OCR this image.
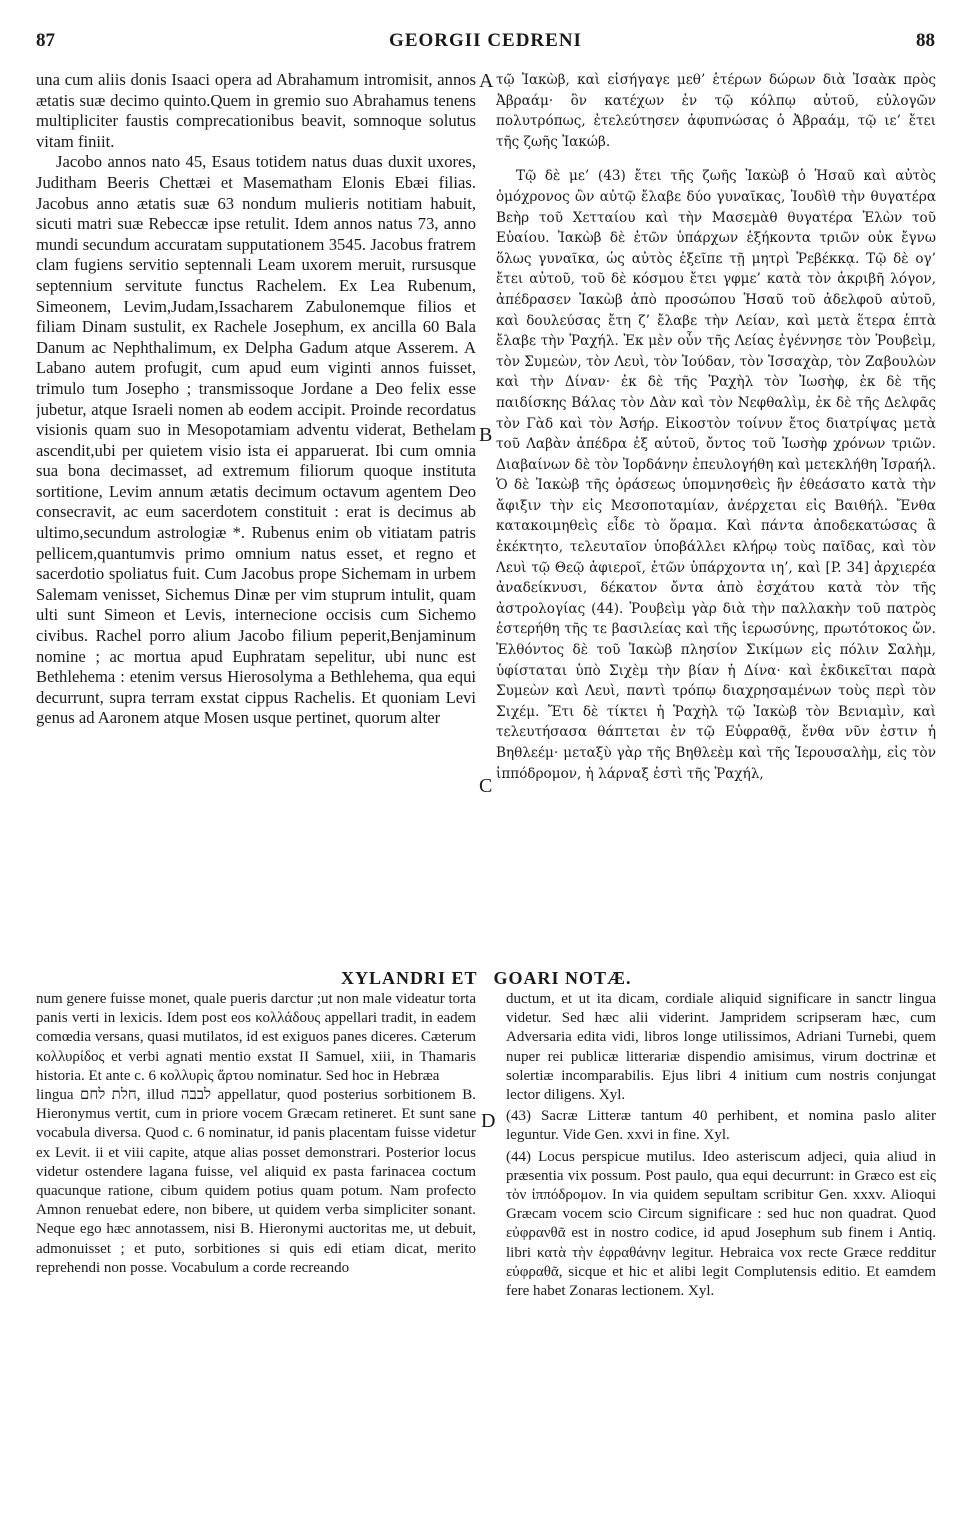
87	GEORGII CEDRENI	88
A
B
C
D

una cum aliis donis Isaaci opera ad Abrahamum intromisit, annos ætatis suæ decimo quinto.Quem in gremio suo Abrahamus tenens multipliciter faustis comprecationibus beavit, somnoque solutus vitam finiit.

Jacobo annos nato 45, Esaus totidem natus duas duxit uxores, Juditham Beeris Chettæi et Masematham Elonis Ebæi filias. Jacobus anno ætatis suæ 63 nondum mulieris notitiam habuit, sicuti matri suæ Rebeccæ ipse retulit. Idem annos natus 73, anno mundi secundum accuratam supputationem 3545. Jacobus fratrem clam fugiens servitio septennali Leam uxorem meruit, rursusque septennium servitute functus Rachelem. Ex Lea Rubenum, Simeonem, Levim,Judam,Issacharem Zabulonemque filios et filiam Dinam sustulit, ex Rachele Josephum, ex ancilla 60 Bala Danum ac Nephthalimum, ex Delpha Gadum atque Asserem. A Labano autem profugit, cum apud eum viginti annos fuisset, trimulo tum Josepho ; transmissoque Jordane a Deo felix esse jubetur, atque Israeli nomen ab eodem accipit. Proinde recordatus visionis quam suo in Mesopotamiam adventu viderat, Bethelam ascendit,ubi per quietem visio ista ei apparuerat. Ibi cum omnia sua bona decimasset, ad extremum filiorum quoque instituta sortitione, Levim annum ætatis decimum octavum agentem Deo consecravit, ac eum sacerdotem constituit : erat is decimus ab ultimo,secundum astrologiæ *. Rubenus enim ob vitiatam patris pellicem,quantumvis primo omnium natus esset, et regno et sacerdotio spoliatus fuit. Cum Jacobus prope Sichemam in urbem Salemam venisset, Sichemus Dinæ per vim stuprum intulit, quam ulti sunt Simeon et Levis, internecione occisis cum Sichemo civibus. Rachel porro alium Jacobo filium peperit,Benjaminum nomine ; ac mortua apud Euphratam sepelitur, ubi nunc est Bethlehema : etenim versus Hierosolyma a Bethlehema, qua equi decurrunt, supra terram exstat cippus Rachelis. Et quoniam Levi genus ad Aaronem atque Mosen usque pertinet, quorum alter

τῷ Ἰακὼβ, καὶ εἰσήγαγε μεθ’ ἑτέρων δώρων διὰ Ἰσαὰκ πρὸς Ἀβραάμ· ὃν κατέχων ἐν τῷ κόλπῳ αὐτοῦ, εὐλογῶν πολυτρόπως, ἐτελεύτησεν ἀφυπνώσας ὁ Ἀβραάμ, τῷ ιε’ ἔτει τῆς ζωῆς Ἰακώβ.

Τῷ δὲ με’ (43) ἔτει τῆς ζωῆς Ἰακὼβ ὁ Ἡσαῦ καὶ αὐτὸς ὁμόχρονος ὢν αὐτῷ ἔλαβε δύο γυναῖκας, Ἰουδὶθ τὴν θυγατέρα Βεὴρ τοῦ Χετταίου καὶ τὴν Μασεμὰθ θυγατέρα Ἐλὼν τοῦ Εὐαίου. Ἰακὼβ δὲ ἐτῶν ὑπάρχων ἑξήκοντα τριῶν οὐκ ἔγνω ὅλως γυναῖκα, ὡς αὐτὸς ἐξεῖπε τῇ μητρὶ Ῥεβέκκᾳ. Τῷ δὲ ογ’ ἔτει αὐτοῦ, τοῦ δὲ κόσμου ἔτει γφμε’ κατὰ τὸν ἀκριβῆ λόγον, ἀπέδρασεν Ἰακὼβ ἀπὸ προσώπου Ἡσαῦ τοῦ ἀδελφοῦ αὐτοῦ, καὶ δουλεύσας ἔτη ζ’ ἔλαβε τὴν Λείαν, καὶ μετὰ ἕτερα ἑπτὰ ἔλαβε τὴν Ῥαχήλ. Ἐκ μὲν οὖν τῆς Λείας ἐγέννησε τὸν Ῥουβεὶμ, τὸν Συμεὼν, τὸν Λευὶ, τὸν Ἰούδαν, τὸν Ἰσσαχὰρ, τὸν Ζαβουλὼν καὶ τὴν Δίναν· ἐκ δὲ τῆς Ῥαχὴλ τὸν Ἰωσὴφ, ἐκ δὲ τῆς παιδίσκης Βάλας τὸν Δὰν καὶ τὸν Νεφθαλὶμ, ἐκ δὲ τῆς Δελφᾶς τὸν Γὰδ καὶ τὸν Ἀσήρ. Εἰκοστὸν τοίνυν ἔτος διατρίψας μετὰ τοῦ Λαβὰν ἀπέδρα ἐξ αὐτοῦ, ὄντος τοῦ Ἰωσὴφ χρόνων τριῶν. Διαβαίνων δὲ τὸν Ἰορδάνην ἐπευλογήθη καὶ μετεκλήθη Ἰσραήλ. Ὁ δὲ Ἰακὼβ τῆς ὁράσεως ὑπομνησθεὶς ἣν ἐθεάσατο κατὰ τὴν ἄφιξιν τὴν εἰς Μεσοποταμίαν, ἀνέρχεται εἰς Βαιθήλ. Ἔνθα κατακοιμηθεὶς εἶδε τὸ ὅραμα. Καὶ πάντα ἀποδεκατώσας ἃ ἐκέκτητο, τελευταῖον ὑποβάλλει κλήρῳ τοὺς παῖδας, καὶ τὸν Λευὶ τῷ Θεῷ ἀφιεροῖ, ἐτῶν ὑπάρχοντα ιη’, καὶ [P. 34] ἀρχιερέα ἀναδείκνυσι, δέκατον ὄντα ἀπὸ ἐσχάτου κατὰ τὸν τῆς ἀστρολογίας (44). Ῥουβεὶμ γὰρ διὰ τὴν παλλακὴν τοῦ πατρὸς ἐστερήθη τῆς τε βασιλείας καὶ τῆς ἱερωσύνης, πρωτότοκος ὤν. Ἐλθόντος δὲ τοῦ Ἰακὼβ πλησίον Σικίμων εἰς πόλιν Σαλὴμ, ὑφίσταται ὑπὸ Σιχὲμ τὴν βίαν ἡ Δίνα· καὶ ἐκδικεῖται παρὰ Συμεὼν καὶ Λευὶ, παντὶ τρόπῳ διαχρησαμένων τοὺς περὶ τὸν Σιχέμ. Ἔτι δὲ τίκτει ἡ Ῥαχὴλ τῷ Ἰακὼβ τὸν Βενιαμὶν, καὶ τελευτήσασα θάπτεται ἐν τῷ Εὐφραθᾷ, ἔνθα νῦν ἐστιν ἡ Βηθλεέμ· μεταξὺ γὰρ τῆς Βηθλεὲμ καὶ τῆς Ἱερουσαλὴμ, εἰς τὸν ἱππόδρομον, ἡ λάρναξ ἐστὶ τῆς Ῥαχήλ,

XYLANDRI ET GOARI NOTÆ.

num genere fuisse monet, quale pueris darctur ;ut non male videatur torta panis verti in lexicis. Idem post eos κολλάδους appellari tradit, in eadem comœdia versans, quasi mutilatos, id est exiguos panes diceres. Cæterum κολλυρίδος et verbi agnati mentio exstat II Samuel, xiii, in Thamaris historia. Et ante c. 6 κολλυρὶς ἄρτου nominatur. Sed hoc in Hebræa

lingua חלת לחם, illud לבבה appellatur, quod posterius sorbitionem B. Hieronymus vertit, cum in priore vocem Græcam retineret. Et sunt sane vocabula diversa. Quod c. 6 nominatur, id panis placentam fuisse videtur ex Levit. ii et viii capite, atque alias posset demonstrari. Posterior locus videtur ostendere laganа fuisse, vel aliquid ex pasta farinacea coctum quacunque ratione, cibum quidem potius quam potum. Nam profecto Amnon renuebat edere, non bibere, ut quidem verba simpliciter sonant. Neque ego hæc annotassem, nisi B. Hieronymi auctoritas me, ut debuit, admonuisset ; et puto, sorbitiones si quis edi etiam dicat, merito reprehendi non posse. Vocabulum a corde recreando

ductum, et ut ita dicam, cordiale aliquid significare in sanctr lingua videtur. Sed hæc alii viderint. Jampridem scripseram hæc, cum Adversaria edita vidi, libros longe utilissimos, Adriani Turnebi, quem nuper rei publicæ litterariæ dispendio amisimus, virum doctrinæ et solertiæ incomparabilis. Ejus libri 4 initium cum nostris conjungat lector diligens. Xyl.

(43) Sacræ Litteræ tantum 40 perhibent, et nomina paslo aliter leguntur. Vide Gen. xxvi in fine. Xyl.

(44) Locus perspicue mutilus. Ideo asteriscum adjeci, quia aliud in præsentia vix possum. Post paulo, qua equi decurrunt: in Græco est εἰς τὸν ἱππόδρομον. In via quidem sepultam scribitur Gen. xxxv. Alioqui Græcam vocem scio Circum significare : sed huc non quadrat. Quod εὐφρανθᾶ est in nostro codice, id apud Josephum sub finem i Antiq. libri κατὰ τὴν ἐφραθάνην legitur. Hebraica vox recte Græce redditur εὐφραθᾶ, sicque et hic et alibi legit Complutensis editio. Et eamdem fere habet Zonaras lectionem. Xyl.
